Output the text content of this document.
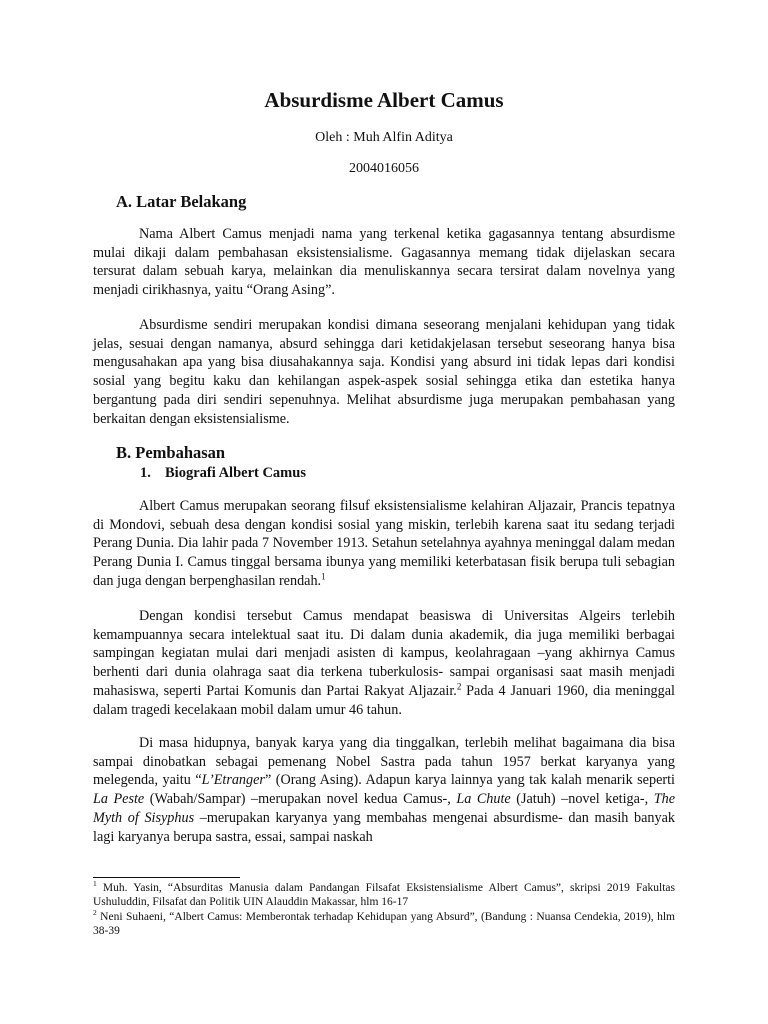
Absurdisme Albert Camus

Oleh : Muh Alfin Aditya

2004016056

A. Latar Belakang

Nama Albert Camus menjadi nama yang terkenal ketika gagasannya tentang absurdisme mulai dikaji dalam pembahasan eksistensialisme. Gagasannya memang tidak dijelaskan secara tersurat dalam sebuah karya, melainkan dia menuliskannya secara tersirat dalam novelnya yang menjadi cirikhasnya, yaitu “Orang Asing”.

Absurdisme sendiri merupakan kondisi dimana seseorang menjalani kehidupan yang tidak jelas, sesuai dengan namanya, absurd sehingga dari ketidakjelasan tersebut seseorang hanya bisa mengusahakan apa yang bisa diusahakannya saja. Kondisi yang absurd ini tidak lepas dari kondisi sosial yang begitu kaku dan kehilangan aspek-aspek sosial sehingga etika dan estetika hanya bergantung pada diri sendiri sepenuhnya. Melihat absurdisme juga merupakan pembahasan yang berkaitan dengan eksistensialisme.

B. Pembahasan
1. Biografi Albert Camus

Albert Camus merupakan seorang filsuf eksistensialisme kelahiran Aljazair, Prancis tepatnya di Mondovi, sebuah desa dengan kondisi sosial yang miskin, terlebih karena saat itu sedang terjadi Perang Dunia. Dia lahir pada 7 November 1913. Setahun setelahnya ayahnya meninggal dalam medan Perang Dunia I. Camus tinggal bersama ibunya yang memiliki keterbatasan fisik berupa tuli sebagian dan juga dengan berpenghasilan rendah.$^1$

Dengan kondisi tersebut Camus mendapat beasiswa di Universitas Algeirs terlebih kemampuannya secara intelektual saat itu. Di dalam dunia akademik, dia juga memiliki berbagai sampingan kegiatan mulai dari menjadi asisten di kampus, keolahragaan –yang akhirnya Camus berhenti dari dunia olahraga saat dia terkena tuberkulosis- sampai organisasi saat masih menjadi mahasiswa, seperti Partai Komunis dan Partai Rakyat Aljazair.$^2$ Pada 4 Januari 1960, dia meninggal dalam tragedi kecelakaan mobil dalam umur 46 tahun.

Di masa hidupnya, banyak karya yang dia tinggalkan, terlebih melihat bagaimana dia bisa sampai dinobatkan sebagai pemenang Nobel Sastra pada tahun 1957 berkat karyanya yang melegenda, yaitu “L’Etranger” (Orang Asing). Adapun karya lainnya yang tak kalah menarik seperti La Peste (Wabah/Sampar) –merupakan novel kedua Camus-, La Chute (Jatuh) –novel ketiga-, The Myth of Sisyphus –merupakan karyanya yang membahas mengenai absurdisme- dan masih banyak lagi karyanya berupa sastra, essai, sampai naskah

$^1$ Muh. Yasin, “Absurditas Manusia dalam Pandangan Filsafat Eksistensialisme Albert Camus”, skripsi 2019 Fakultas Ushuluddin, Filsafat dan Politik UIN Alauddin Makassar, hlm 16-17

$^2$ Neni Suhaeni, “Albert Camus: Memberontak terhadap Kehidupan yang Absurd”, (Bandung : Nuansa Cendekia, 2019), hlm 38-39
